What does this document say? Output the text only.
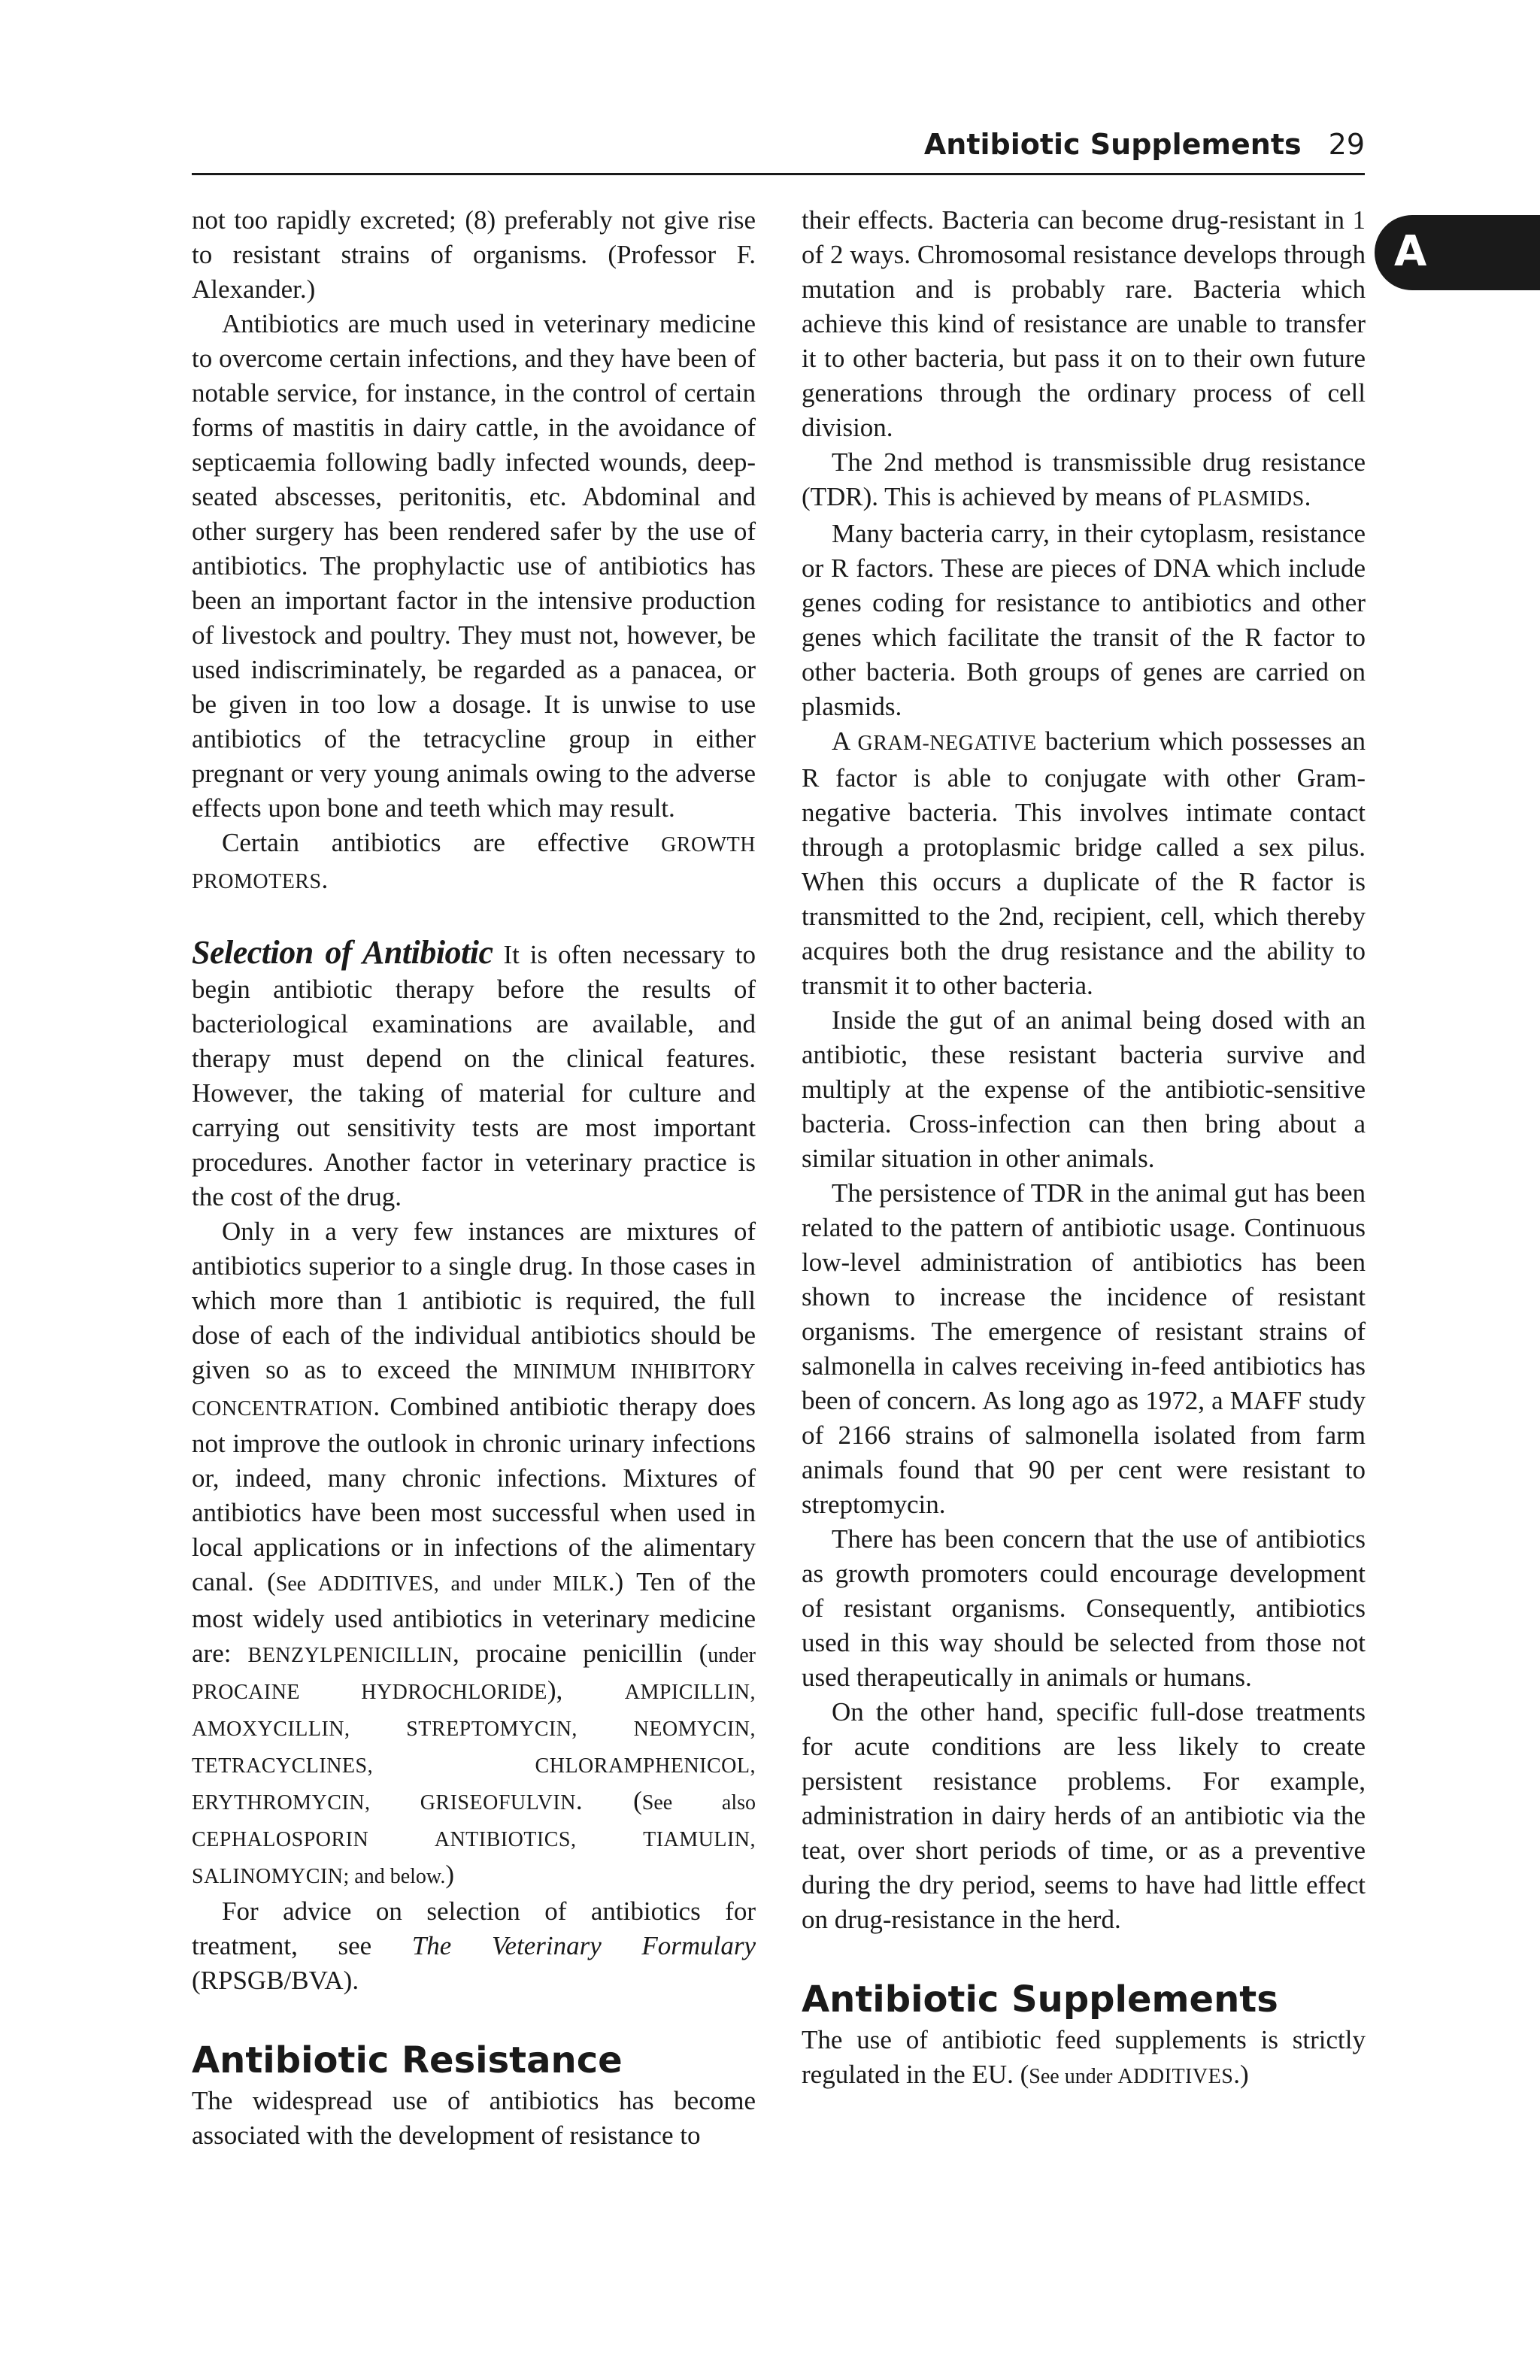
Antibiotic Supplements 29
A

not too rapidly excreted; (8) preferably not give rise to resistant strains of organisms. (Professor F. Alexander.)

Antibiotics are much used in veterinary medicine to overcome certain infections, and they have been of notable service, for instance, in the control of certain forms of mastitis in dairy cattle, in the avoidance of septicaemia following badly infected wounds, deep-seated abscesses, peritonitis, etc. Abdominal and other surgery has been rendered safer by the use of antibiotics. The prophylactic use of antibiotics has been an important factor in the intensive production of livestock and poultry. They must not, however, be used indiscriminately, be regarded as a panacea, or be given in too low a dosage. It is unwise to use antibiotics of the tetracycline group in either pregnant or very young animals owing to the adverse effects upon bone and teeth which may result.

Certain antibiotics are effective GROWTH PROMOTERS.

Selection of Antibiotic It is often necessary to begin antibiotic therapy before the results of bacteriological examinations are available, and therapy must depend on the clinical features. However, the taking of material for culture and carrying out sensitivity tests are most important procedures. Another factor in veterinary practice is the cost of the drug.

Only in a very few instances are mixtures of antibiotics superior to a single drug. In those cases in which more than 1 antibiotic is required, the full dose of each of the individual antibiotics should be given so as to exceed the MINIMUM INHIBITORY CONCENTRATION. Combined antibiotic therapy does not improve the outlook in chronic urinary infections or, indeed, many chronic infections. Mixtures of antibiotics have been most successful when used in local applications or in infections of the alimentary canal. (See ADDITIVES, and under MILK.) Ten of the most widely used antibiotics in veterinary medicine are: BENZYLPENICILLIN, procaine penicillin (under PROCAINE HYDROCHLORIDE), AMPICILLIN, AMOXYCILLIN, STREPTOMYCIN, NEOMYCIN, TETRACYCLINES, CHLORAMPHENICOL, ERYTHROMYCIN, GRISEOFULVIN. (See also CEPHALOSPORIN ANTIBIOTICS, TIAMULIN, SALINOMYCIN; and below.)

For advice on selection of antibiotics for treatment, see The Veterinary Formulary (RPSGB/BVA).

Antibiotic Resistance

The widespread use of antibiotics has become associated with the development of resistance to

their effects. Bacteria can become drug-resistant in 1 of 2 ways. Chromosomal resistance develops through mutation and is probably rare. Bacteria which achieve this kind of resistance are unable to transfer it to other bacteria, but pass it on to their own future generations through the ordinary process of cell division.

The 2nd method is transmissible drug resistance (TDR). This is achieved by means of PLASMIDS.

Many bacteria carry, in their cytoplasm, resistance or R factors. These are pieces of DNA which include genes coding for resistance to antibiotics and other genes which facilitate the transit of the R factor to other bacteria. Both groups of genes are carried on plasmids.

A GRAM-NEGATIVE bacterium which possesses an R factor is able to conjugate with other Gram-negative bacteria. This involves intimate contact through a protoplasmic bridge called a sex pilus. When this occurs a duplicate of the R factor is transmitted to the 2nd, recipient, cell, which thereby acquires both the drug resistance and the ability to transmit it to other bacteria.

Inside the gut of an animal being dosed with an antibiotic, these resistant bacteria survive and multiply at the expense of the antibiotic-sensitive bacteria. Cross-infection can then bring about a similar situation in other animals.

The persistence of TDR in the animal gut has been related to the pattern of antibiotic usage. Continuous low-level administration of antibiotics has been shown to increase the incidence of resistant organisms. The emergence of resistant strains of salmonella in calves receiving in-feed antibiotics has been of concern. As long ago as 1972, a MAFF study of 2166 strains of salmonella isolated from farm animals found that 90 per cent were resistant to streptomycin.

There has been concern that the use of antibiotics as growth promoters could encourage development of resistant organisms. Consequently, antibiotics used in this way should be selected from those not used therapeutically in animals or humans.

On the other hand, specific full-dose treatments for acute conditions are less likely to create persistent resistance problems. For example, administration in dairy herds of an antibiotic via the teat, over short periods of time, or as a preventive during the dry period, seems to have had little effect on drug-resistance in the herd.

Antibiotic Supplements

The use of antibiotic feed supplements is strictly regulated in the EU. (See under ADDITIVES.)
